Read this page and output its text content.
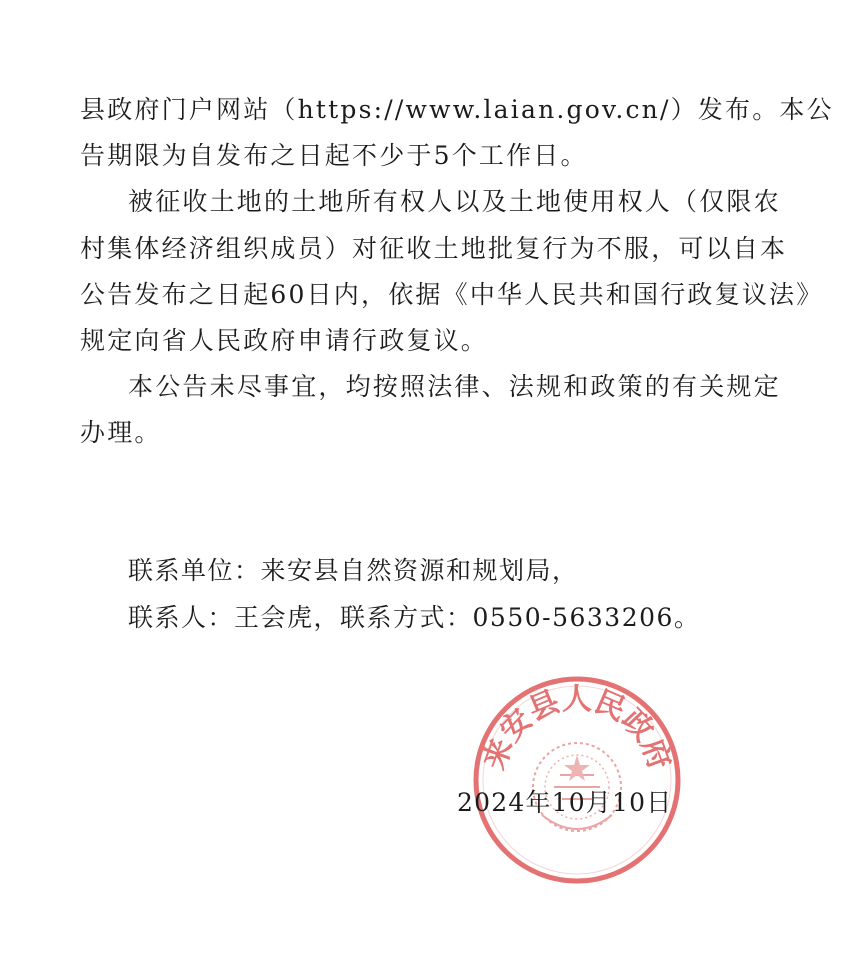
县政府门户网站（https://www.laian.gov.cn/）发布。本公
告期限为自发布之日起不少于5个工作日。
被征收土地的土地所有权人以及土地使用权人（仅限农
村集体经济组织成员）对征收土地批复行为不服，可以自本
公告发布之日起60日内，依据《中华人民共和国行政复议法》
规定向省人民政府申请行政复议。
本公告未尽事宜，均按照法律、法规和政策的有关规定
办理。
联系单位：来安县自然资源和规划局，
联系人：王会虎，联系方式：0550-5633206。
来安县人民政府
2024年10月10日
